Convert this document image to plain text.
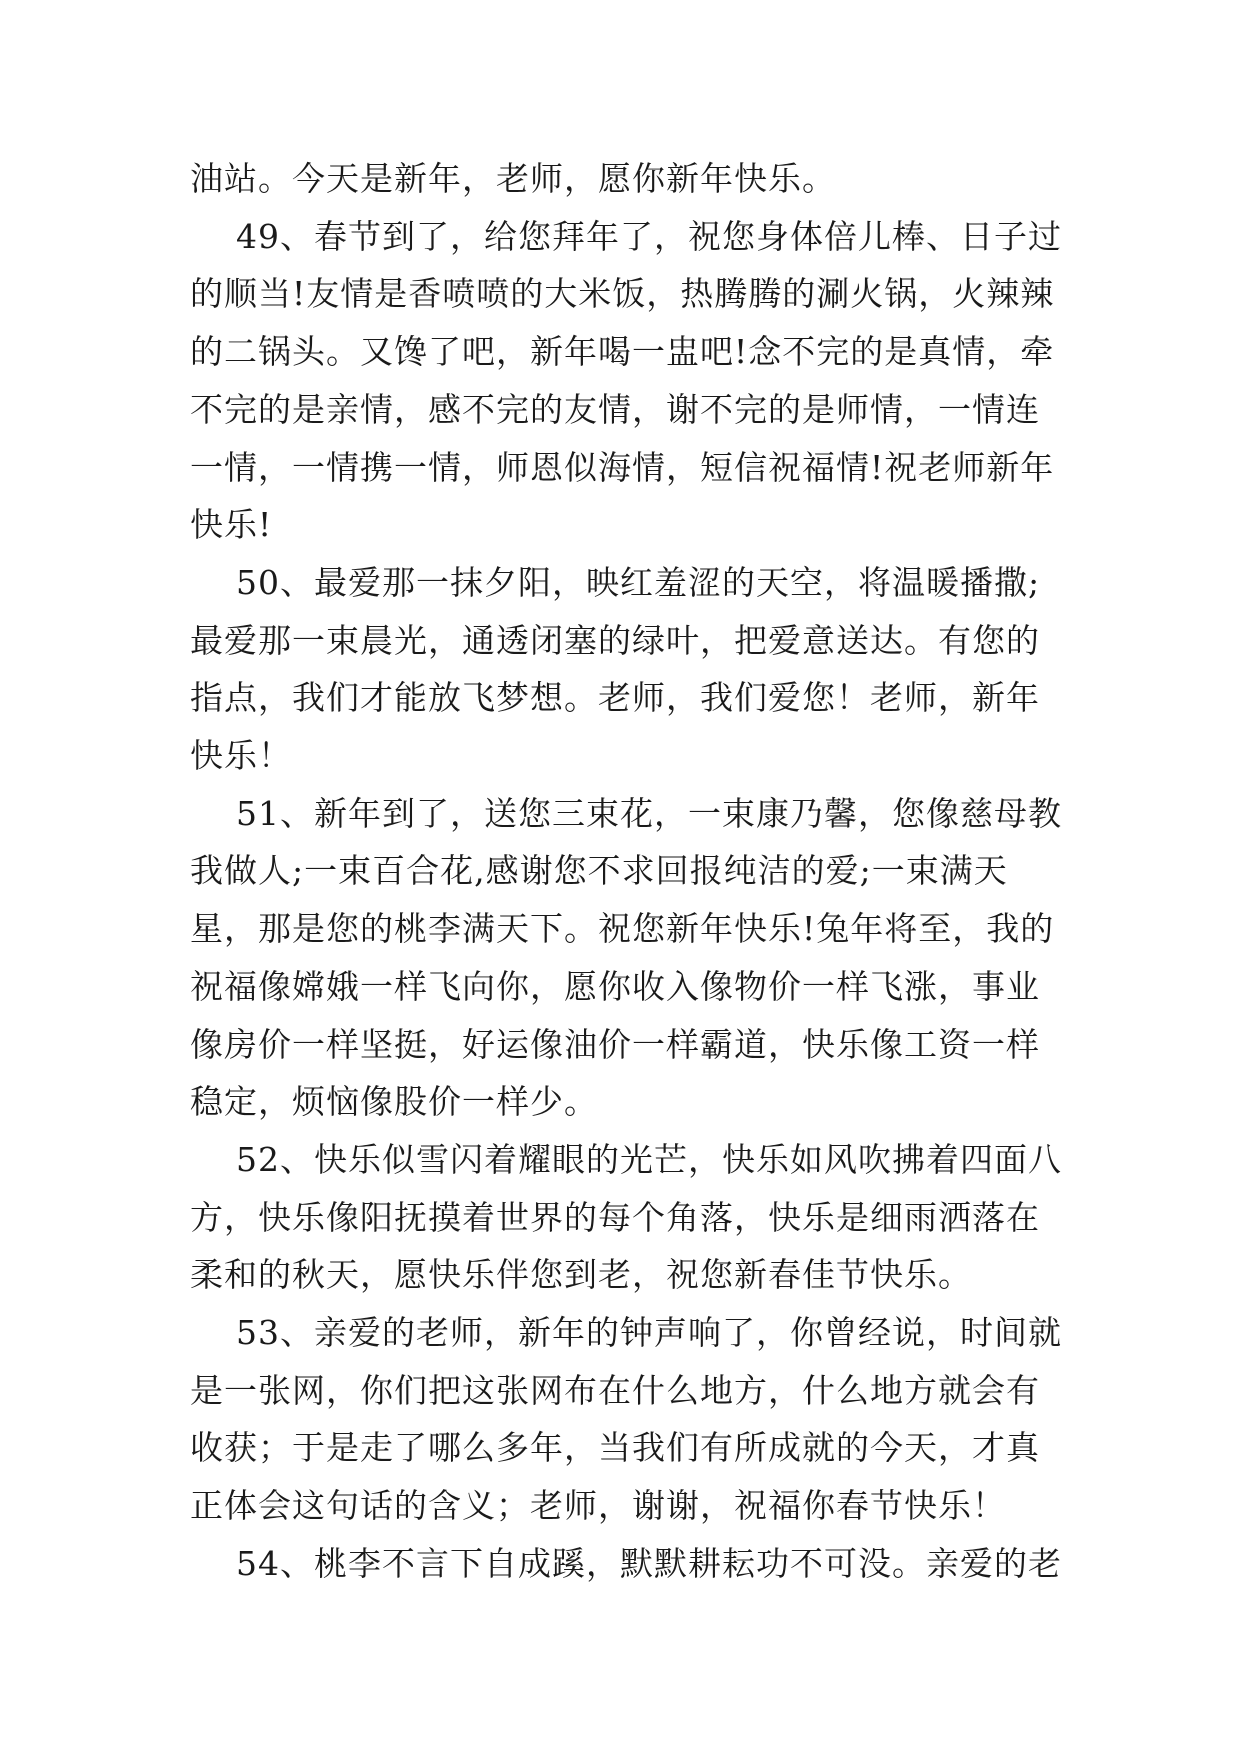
油站。今天是新年，老师，愿你新年快乐。

49、春节到了，给您拜年了，祝您身体倍儿棒、日子过的顺当!友情是香喷喷的大米饭，热腾腾的涮火锅，火辣辣的二锅头。又馋了吧，新年喝一盅吧!念不完的是真情，牵不完的是亲情，感不完的友情，谢不完的是师情，一情连一情，一情携一情，师恩似海情，短信祝福情!祝老师新年快乐!

50、最爱那一抹夕阳，映红羞涩的天空，将温暖播撒;最爱那一束晨光，通透闭塞的绿叶，把爱意送达。有您的指点，我们才能放飞梦想。老师，我们爱您！老师，新年快乐！

51、新年到了，送您三束花，一束康乃馨，您像慈母教我做人;一束百合花,感谢您不求回报纯洁的爱;一束满天星，那是您的桃李满天下。祝您新年快乐!兔年将至，我的祝福像嫦娥一样飞向你，愿你收入像物价一样飞涨，事业像房价一样坚挺，好运像油价一样霸道，快乐像工资一样稳定，烦恼像股价一样少。

52、快乐似雪闪着耀眼的光芒，快乐如风吹拂着四面八方，快乐像阳抚摸着世界的每个角落，快乐是细雨洒落在柔和的秋天，愿快乐伴您到老，祝您新春佳节快乐。

53、亲爱的老师，新年的钟声响了，你曾经说，时间就是一张网，你们把这张网布在什么地方，什么地方就会有收获；于是走了哪么多年，当我们有所成就的今天，才真正体会这句话的含义；老师，谢谢，祝福你春节快乐！

54、桃李不言下自成蹊，默默耕耘功不可没。亲爱的老
